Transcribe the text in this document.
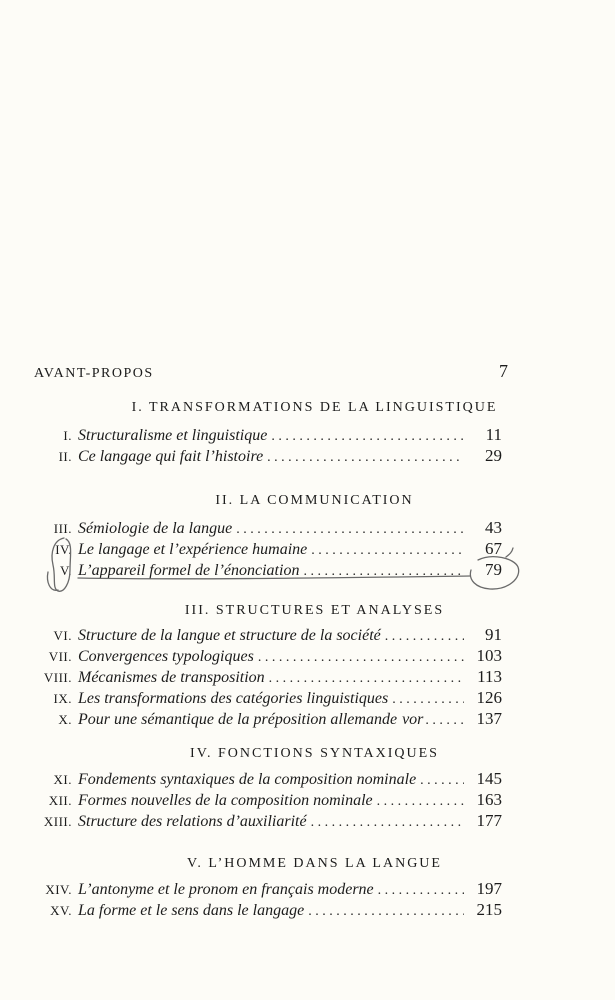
AVANT-PROPOS	7
I. TRANSFORMATIONS DE LA LINGUISTIQUE
I. Structuralisme et linguistique . . .	11
II. Ce langage qui fait l’histoire . . .	29
II. LA COMMUNICATION
III. Sémiologie de la langue . . .	43
IV. Le langage et l’expérience humaine . . .	67
V. L’appareil formel de l’énonciation . . .	79
III. STRUCTURES ET ANALYSES
VI. Structure de la langue et structure de la société . . .	91
VII. Convergences typologiques . . .	103
VIII. Mécanismes de transposition . . .	113
IX. Les transformations des catégories linguistiques . . .	126
X. Pour une sémantique de la préposition allemande vor . . .	137
IV. FONCTIONS SYNTAXIQUES
XI. Fondements syntaxiques de la composition nominale . . .	145
XII. Formes nouvelles de la composition nominale . . .	163
XIII. Structure des relations d’auxiliarité . . .	177
V. L’HOMME DANS LA LANGUE
XIV. L’antonyme et le pronom en français moderne . . .	197
XV. La forme et le sens dans le langage . . .	215
